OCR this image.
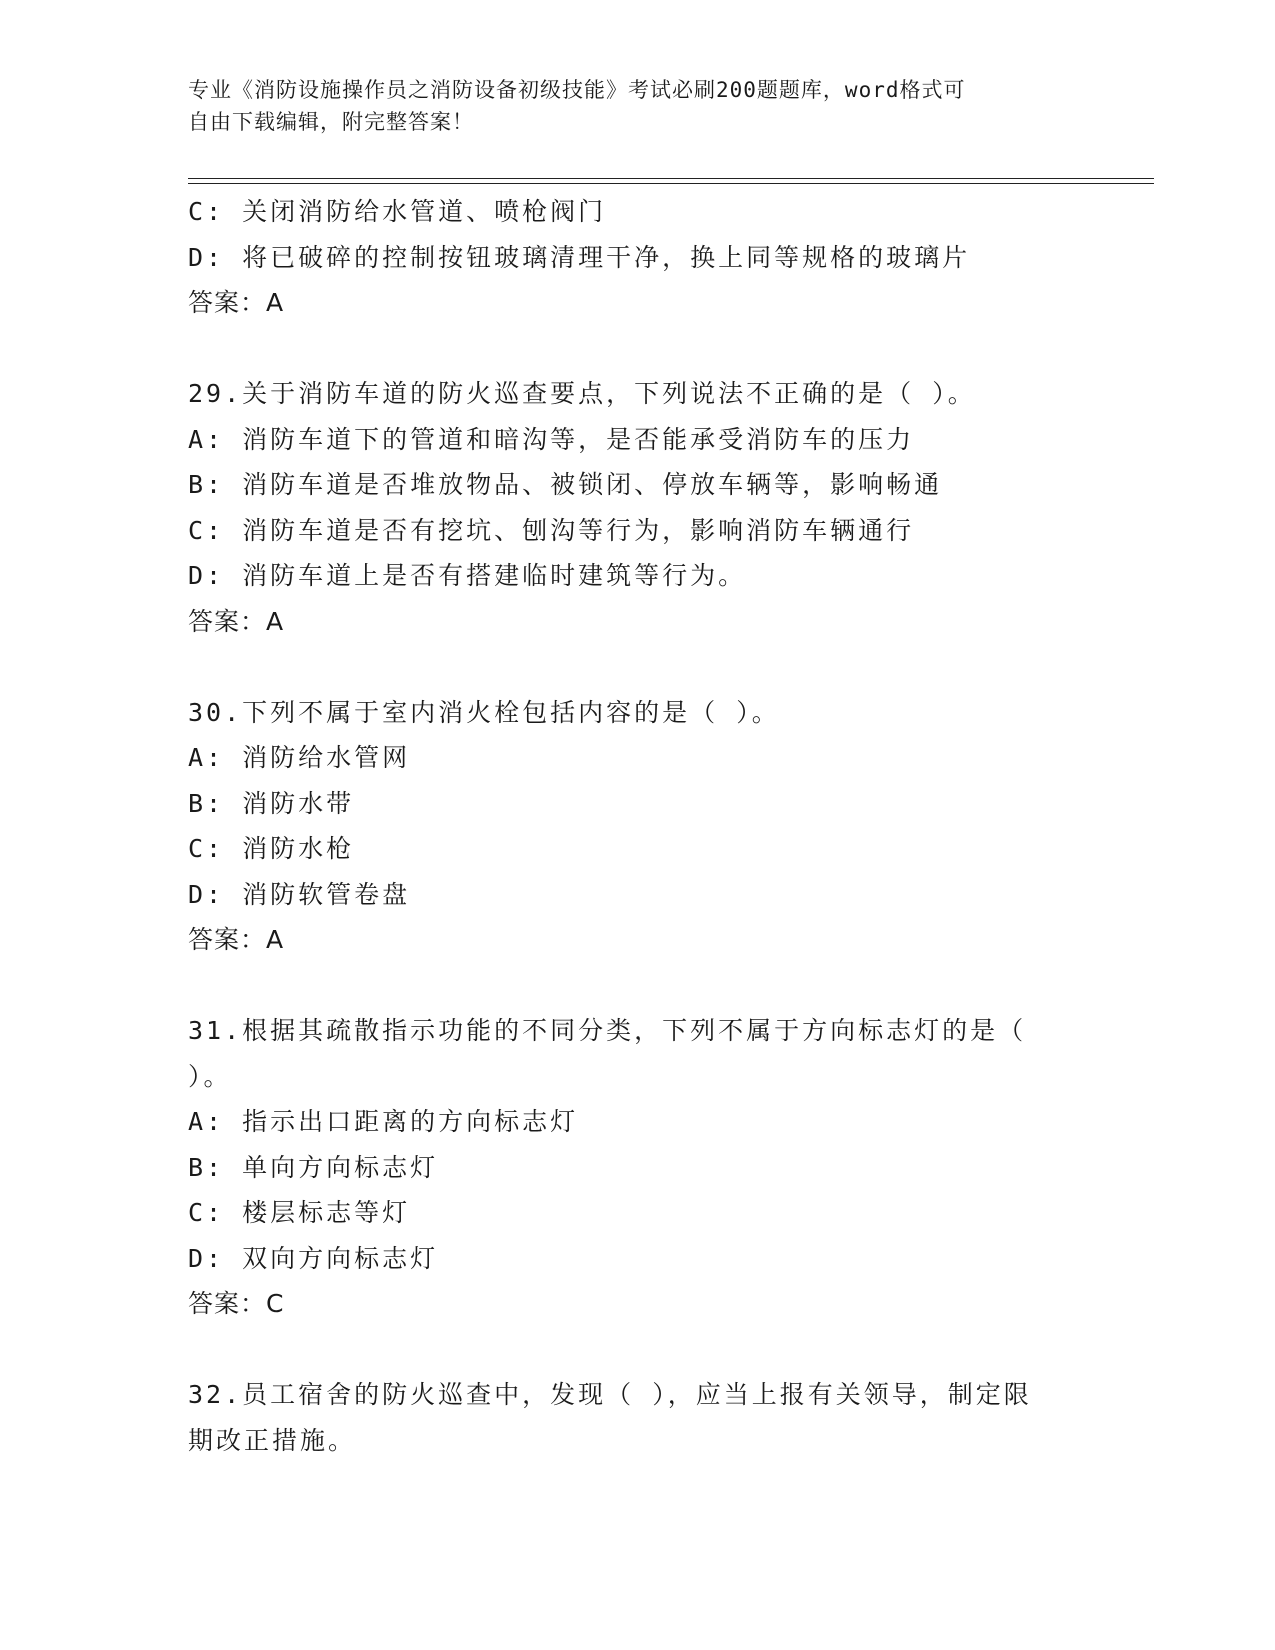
专业《消防设施操作员之消防设备初级技能》考试必刷200题题库，word格式可
自由下载编辑，附完整答案！
C: 关闭消防给水管道、喷枪阀门
D: 将已破碎的控制按钮玻璃清理干净，换上同等规格的玻璃片
答案：A
29.关于消防车道的防火巡查要点，下列说法不正确的是（ ）。
A: 消防车道下的管道和暗沟等，是否能承受消防车的压力
B: 消防车道是否堆放物品、被锁闭、停放车辆等，影响畅通
C: 消防车道是否有挖坑、刨沟等行为，影响消防车辆通行
D: 消防车道上是否有搭建临时建筑等行为。
答案：A
30.下列不属于室内消火栓包括内容的是（ ）。
A: 消防给水管网
B: 消防水带
C: 消防水枪
D: 消防软管卷盘
答案：A
31.根据其疏散指示功能的不同分类，下列不属于方向标志灯的是（
）。
A: 指示出口距离的方向标志灯
B: 单向方向标志灯
C: 楼层标志等灯
D: 双向方向标志灯
答案：C
32.员工宿舍的防火巡查中，发现（ ），应当上报有关领导，制定限
期改正措施。
